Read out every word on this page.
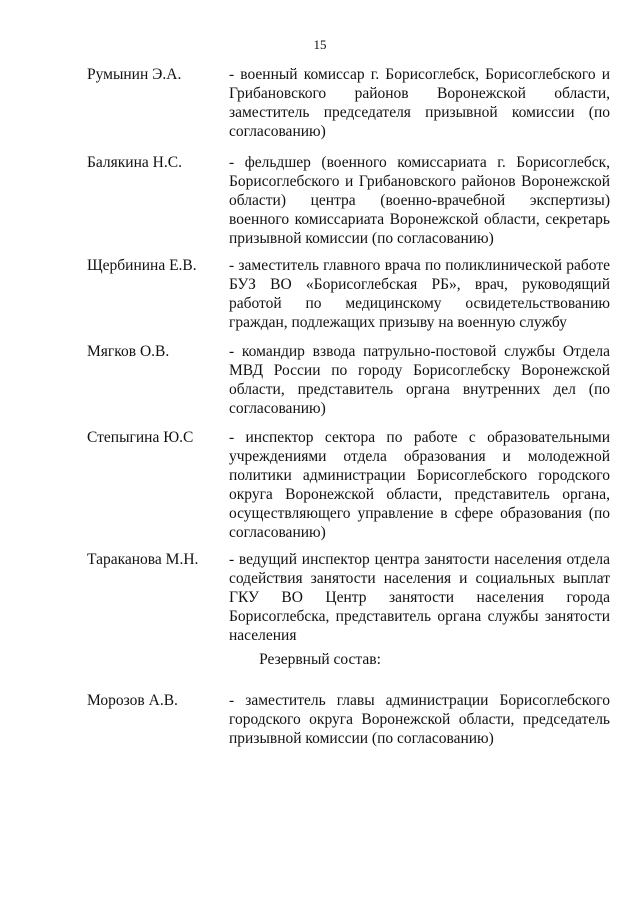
15
Румынин Э.А.	- военный комиссар г. Борисоглебск, Борисоглебского и Грибановского районов Воронежской области, заместитель председателя призывной комиссии (по согласованию)
Балякина Н.С.	- фельдшер (военного комиссариата г. Борисоглебск, Борисоглебского и Грибановского районов Воронежской области) центра (военно-врачебной экспертизы) военного комиссариата Воронежской области, секретарь призывной комиссии (по согласованию)
Щербинина Е.В. - заместитель главного врача по поликлинической работе БУЗ ВО «Борисоглебская РБ», врач, руководящий работой по медицинскому освидетельствованию граждан, подлежащих призыву на военную службу
Мягков О.В.	- командир взвода патрульно-постовой службы Отдела МВД России по городу Борисоглебску Воронежской области, представитель органа внутренних дел (по согласованию)
Степыгина Ю.С - инспектор сектора по работе с образовательными учреждениями отдела образования и молодежной политики администрации Борисоглебского городского округа Воронежской области, представитель органа, осуществляющего управление в сфере образования (по согласованию)
Тараканова М.Н. - ведущий инспектор центра занятости населения отдела содействия занятости населения и социальных выплат ГКУ ВО Центр занятости населения города Борисоглебска, представитель органа службы занятости населения
Резервный состав:
Морозов А.В.	- заместитель главы администрации Борисоглебского городского округа Воронежской области, председатель призывной комиссии (по согласованию)
